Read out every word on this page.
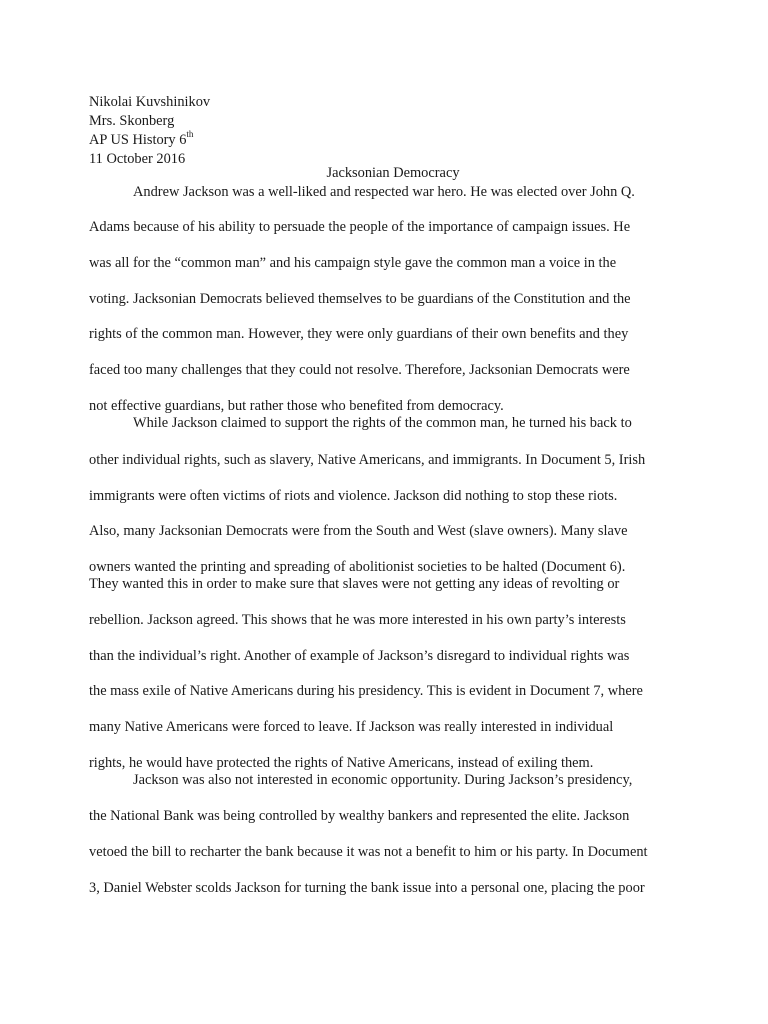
Nikolai Kuvshinikov
Mrs. Skonberg
AP US History 6th
11 October 2016
Jacksonian Democracy
Andrew Jackson was a well-liked and respected war hero. He was elected over John Q.
Adams because of his ability to persuade the people of the importance of campaign issues. He
was all for the “common man” and his campaign style gave the common man a voice in the
voting. Jacksonian Democrats believed themselves to be guardians of the Constitution and the
rights of the common man. However, they were only guardians of their own benefits and they
faced too many challenges that they could not resolve. Therefore, Jacksonian Democrats were
not effective guardians, but rather those who benefited from democracy.
While Jackson claimed to support the rights of the common man, he turned his back to
other individual rights, such as slavery, Native Americans, and immigrants. In Document 5, Irish
immigrants were often victims of riots and violence. Jackson did nothing to stop these riots.
Also, many Jacksonian Democrats were from the South and West (slave owners). Many slave
owners wanted the printing and spreading of abolitionist societies to be halted (Document 6).
They wanted this in order to make sure that slaves were not getting any ideas of revolting or
rebellion. Jackson agreed. This shows that he was more interested in his own party’s interests
than the individual’s right. Another of example of Jackson’s disregard to individual rights was
the mass exile of Native Americans during his presidency. This is evident in Document 7, where
many Native Americans were forced to leave. If Jackson was really interested in individual
rights, he would have protected the rights of Native Americans, instead of exiling them.
Jackson was also not interested in economic opportunity. During Jackson’s presidency,
the National Bank was being controlled by wealthy bankers and represented the elite. Jackson
vetoed the bill to recharter the bank because it was not a benefit to him or his party. In Document
3, Daniel Webster scolds Jackson for turning the bank issue into a personal one, placing the poor
